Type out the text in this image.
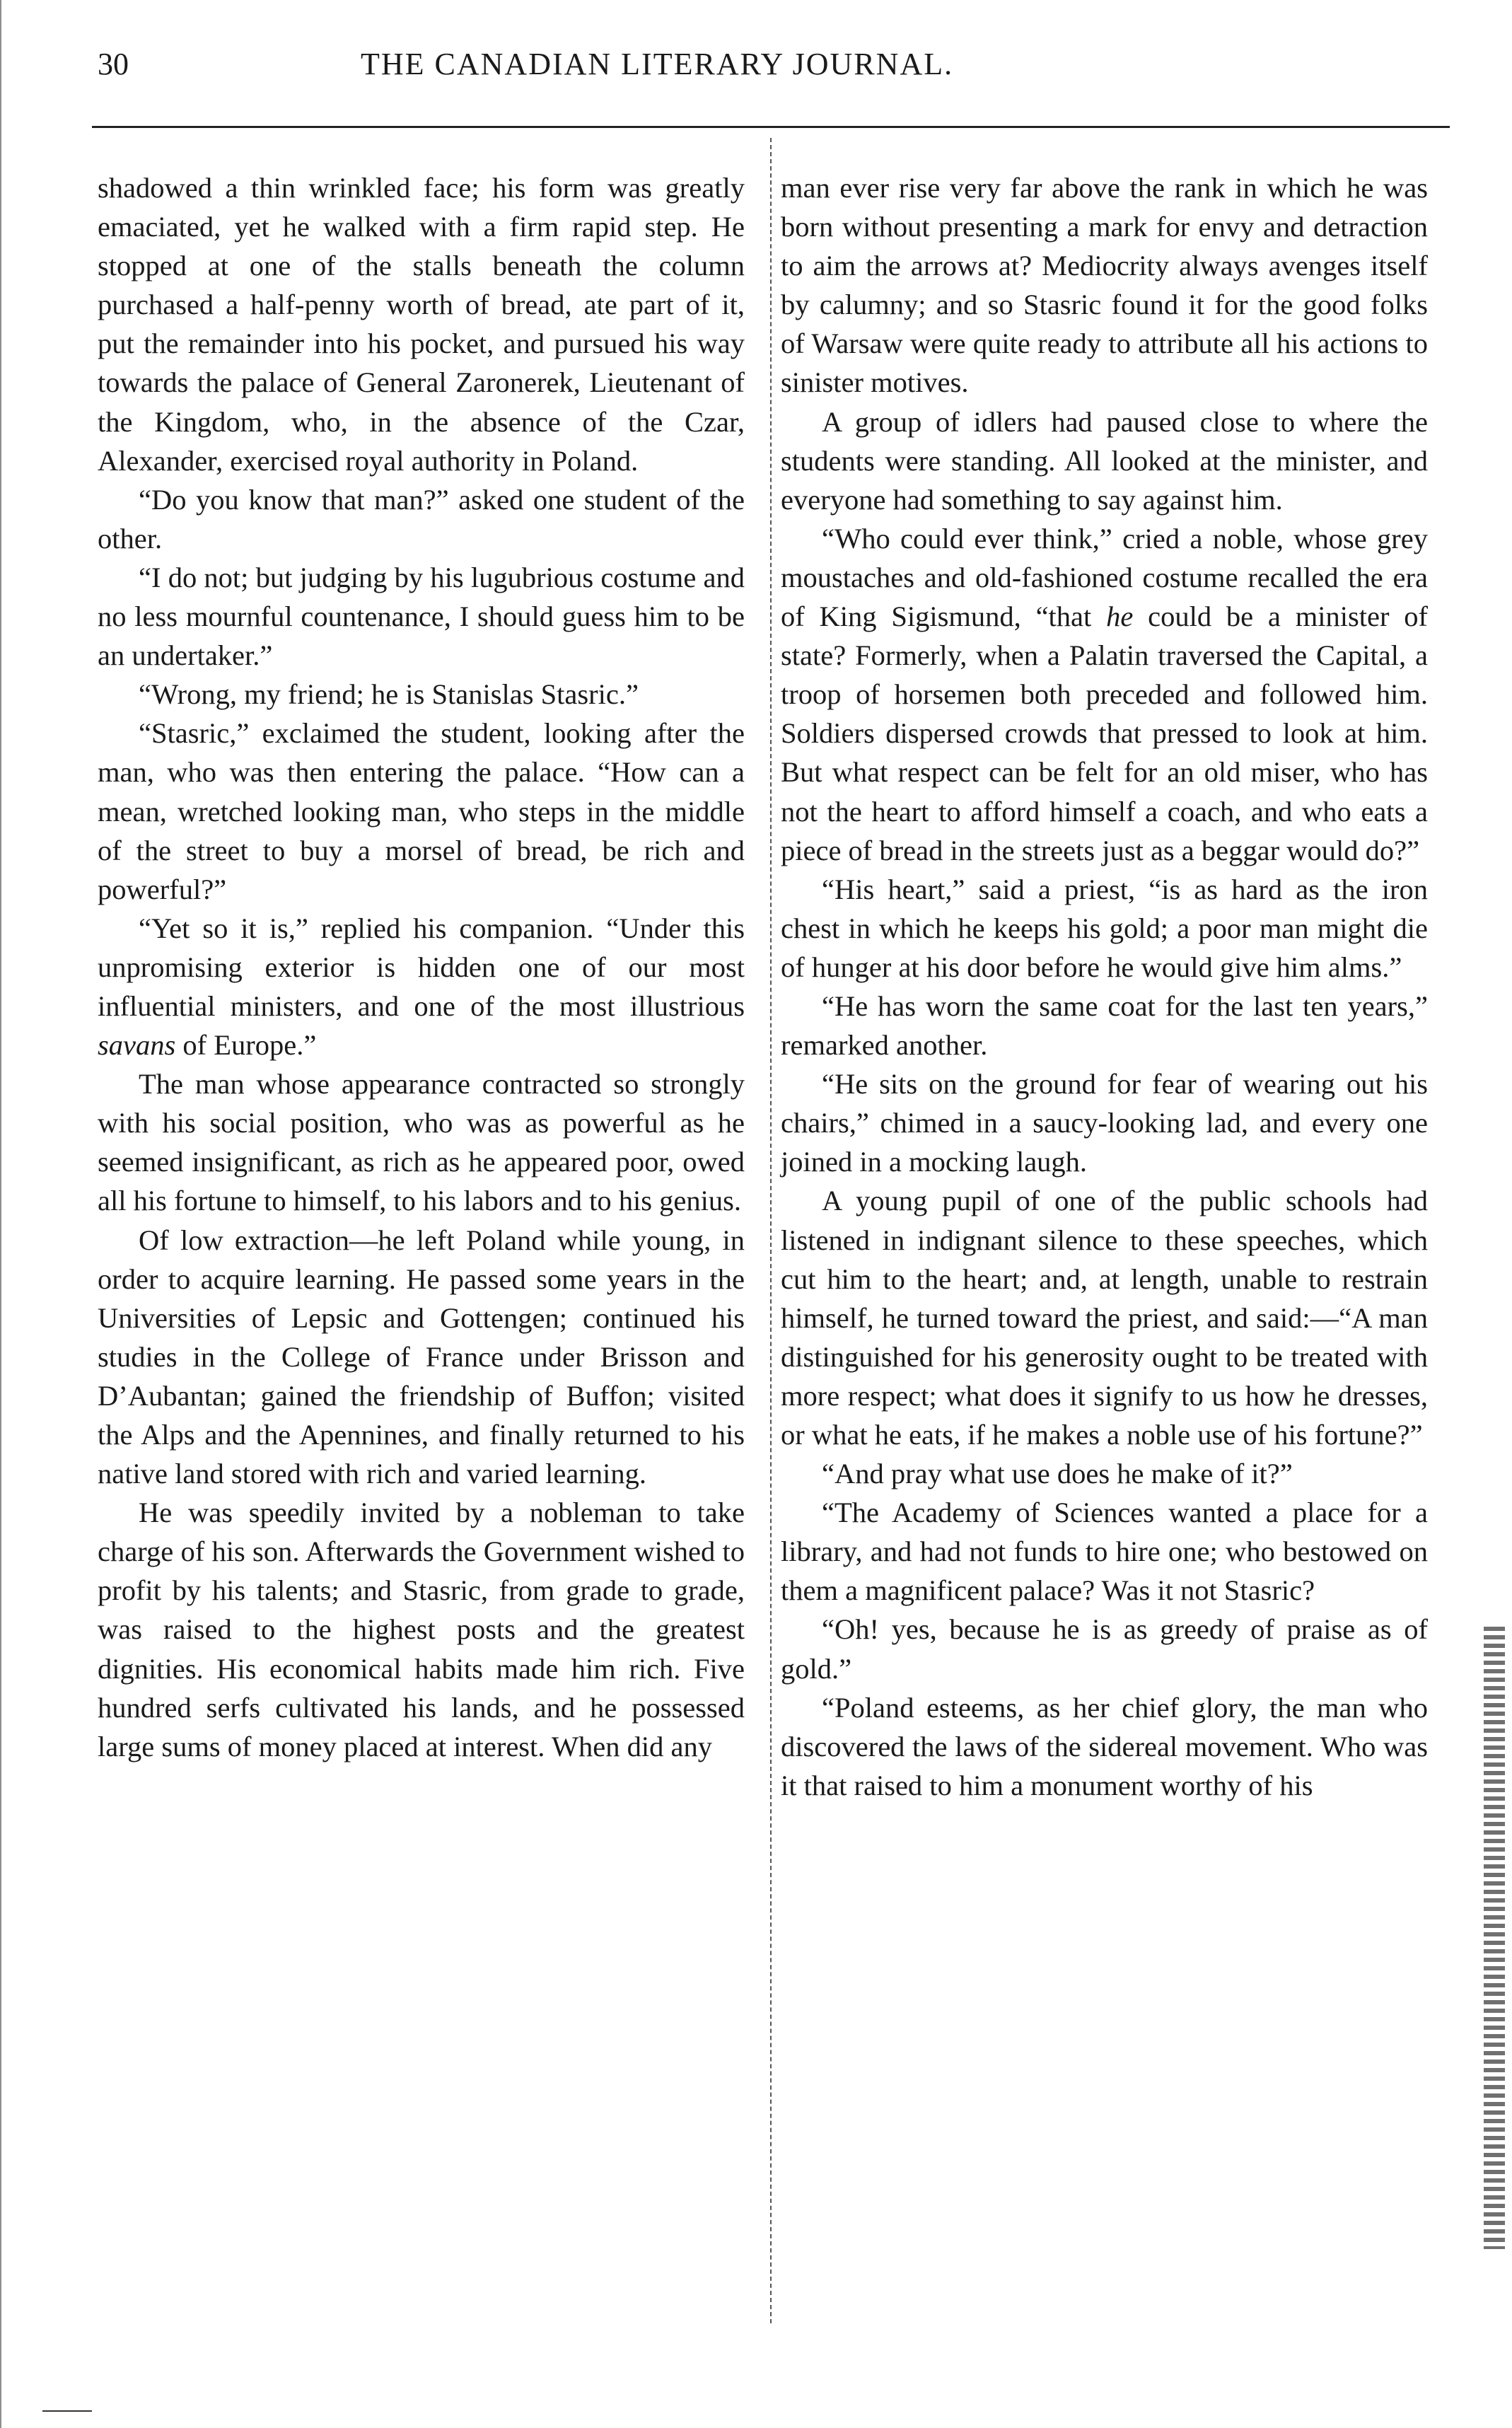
30	THE CANADIAN LITERARY JOURNAL.

shadowed a thin wrinkled face; his form was greatly emaciated, yet he walked with a firm rapid step. He stopped at one of the stalls beneath the column purchased a half-penny worth of bread, ate part of it, put the remainder into his pocket, and pursued his way towards the palace of General Zaronerek, Lieutenant of the Kingdom, who, in the absence of the Czar, Alexander, exercised royal authority in Poland.

“Do you know that man?” asked one student of the other.

“I do not; but judging by his lugubrious costume and no less mournful countenance, I should guess him to be an undertaker.”

“Wrong, my friend; he is Stanislas Stasric.”

“Stasric,” exclaimed the student, looking after the man, who was then entering the palace. “How can a mean, wretched looking man, who steps in the middle of the street to buy a morsel of bread, be rich and powerful?”

“Yet so it is,” replied his companion. “Under this unpromising exterior is hidden one of our most influential ministers, and one of the most illustrious savans of Europe.”

The man whose appearance contracted so strongly with his social position, who was as powerful as he seemed insignificant, as rich as he appeared poor, owed all his fortune to himself, to his labors and to his genius.

Of low extraction—he left Poland while young, in order to acquire learning. He passed some years in the Universities of Lepsic and Gottengen; continued his studies in the College of France under Brisson and D’Aubantan; gained the friendship of Buffon; visited the Alps and the Apennines, and finally returned to his native land stored with rich and varied learning.

He was speedily invited by a nobleman to take charge of his son. Afterwards the Government wished to profit by his talents; and Stasric, from grade to grade, was raised to the highest posts and the greatest dignities. His economical habits made him rich. Five hundred serfs cultivated his lands, and he possessed large sums of money placed at interest. When did any

man ever rise very far above the rank in which he was born without presenting a mark for envy and detraction to aim the arrows at? Mediocrity always avenges itself by calumny; and so Stasric found it for the good folks of Warsaw were quite ready to attribute all his actions to sinister motives.

A group of idlers had paused close to where the students were standing. All looked at the minister, and everyone had something to say against him.

“Who could ever think,” cried a noble, whose grey moustaches and old-fashioned costume recalled the era of King Sigismund, “that he could be a minister of state? Formerly, when a Palatin traversed the Capital, a troop of horsemen both preceded and followed him. Soldiers dispersed crowds that pressed to look at him. But what respect can be felt for an old miser, who has not the heart to afford himself a coach, and who eats a piece of bread in the streets just as a beggar would do?”

“His heart,” said a priest, “is as hard as the iron chest in which he keeps his gold; a poor man might die of hunger at his door before he would give him alms.”

“He has worn the same coat for the last ten years,” remarked another.

“He sits on the ground for fear of wearing out his chairs,” chimed in a saucy-looking lad, and every one joined in a mocking laugh.

A young pupil of one of the public schools had listened in indignant silence to these speeches, which cut him to the heart; and, at length, unable to restrain himself, he turned toward the priest, and said:—“A man distinguished for his generosity ought to be treated with more respect; what does it signify to us how he dresses, or what he eats, if he makes a noble use of his fortune?”

“And pray what use does he make of it?”

“The Academy of Sciences wanted a place for a library, and had not funds to hire one; who bestowed on them a magnificent palace? Was it not Stasric?

“Oh! yes, because he is as greedy of praise as of gold.”

“Poland esteems, as her chief glory, the man who discovered the laws of the sidereal movement. Who was it that raised to him a monument worthy of his
